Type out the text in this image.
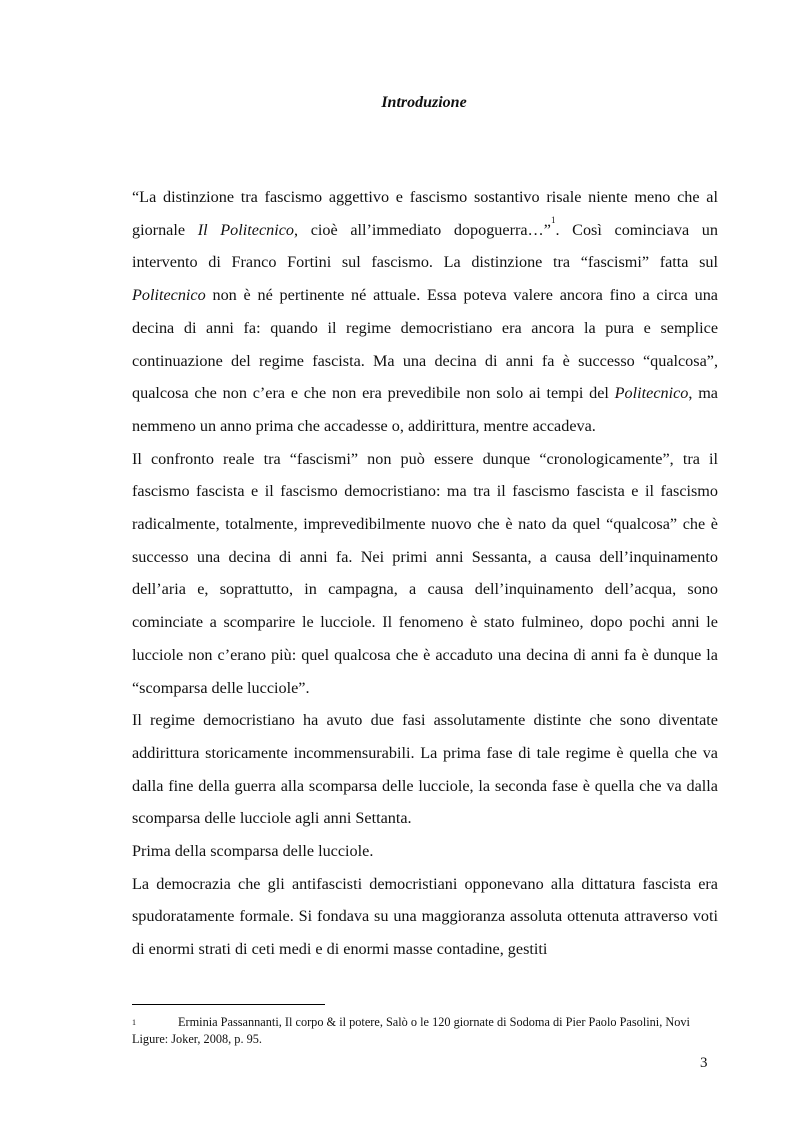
Introduzione

“La distinzione tra fascismo aggettivo e fascismo sostantivo risale niente meno che al giornale Il Politecnico, cioè all’immediato dopoguerra…”$^1$. Così cominciava un intervento di Franco Fortini sul fascismo. La distinzione tra “fascismi” fatta sul Politecnico non è né pertinente né attuale. Essa poteva valere ancora fino a circa una decina di anni fa: quando il regime democristiano era ancora la pura e semplice continuazione del regime fascista. Ma una decina di anni fa è successo “qualcosa”, qualcosa che non c’era e che non era prevedibile non solo ai tempi del Politecnico, ma nemmeno un anno prima che accadesse o, addirittura, mentre accadeva.

Il confronto reale tra “fascismi” non può essere dunque “cronologicamente”, tra il fascismo fascista e il fascismo democristiano: ma tra il fascismo fascista e il fascismo radicalmente, totalmente, imprevedibilmente nuovo che è nato da quel “qualcosa” che è successo una decina di anni fa. Nei primi anni Sessanta, a causa dell’inquinamento dell’aria e, soprattutto, in campagna, a causa dell’inquinamento dell’acqua, sono cominciate a scomparire le lucciole. Il fenomeno è stato fulmineo, dopo pochi anni le lucciole non c’erano più: quel qualcosa che è accaduto una decina di anni fa è dunque la “scomparsa delle lucciole”.

Il regime democristiano ha avuto due fasi assolutamente distinte che sono diventate addirittura storicamente incommensurabili. La prima fase di tale regime è quella che va dalla fine della guerra alla scomparsa delle lucciole, la seconda fase è quella che va dalla scomparsa delle lucciole agli anni Settanta.

Prima della scomparsa delle lucciole.

La democrazia che gli antifascisti democristiani opponevano alla dittatura fascista era spudoratamente formale. Si fondava su una maggioranza assoluta ottenuta attraverso voti di enormi strati di ceti medi e di enormi masse contadine, gestiti

1	Erminia Passannanti, Il corpo & il potere, Salò o le 120 giornate di Sodoma di Pier Paolo Pasolini, Novi Ligure: Joker, 2008, p. 95.
3
